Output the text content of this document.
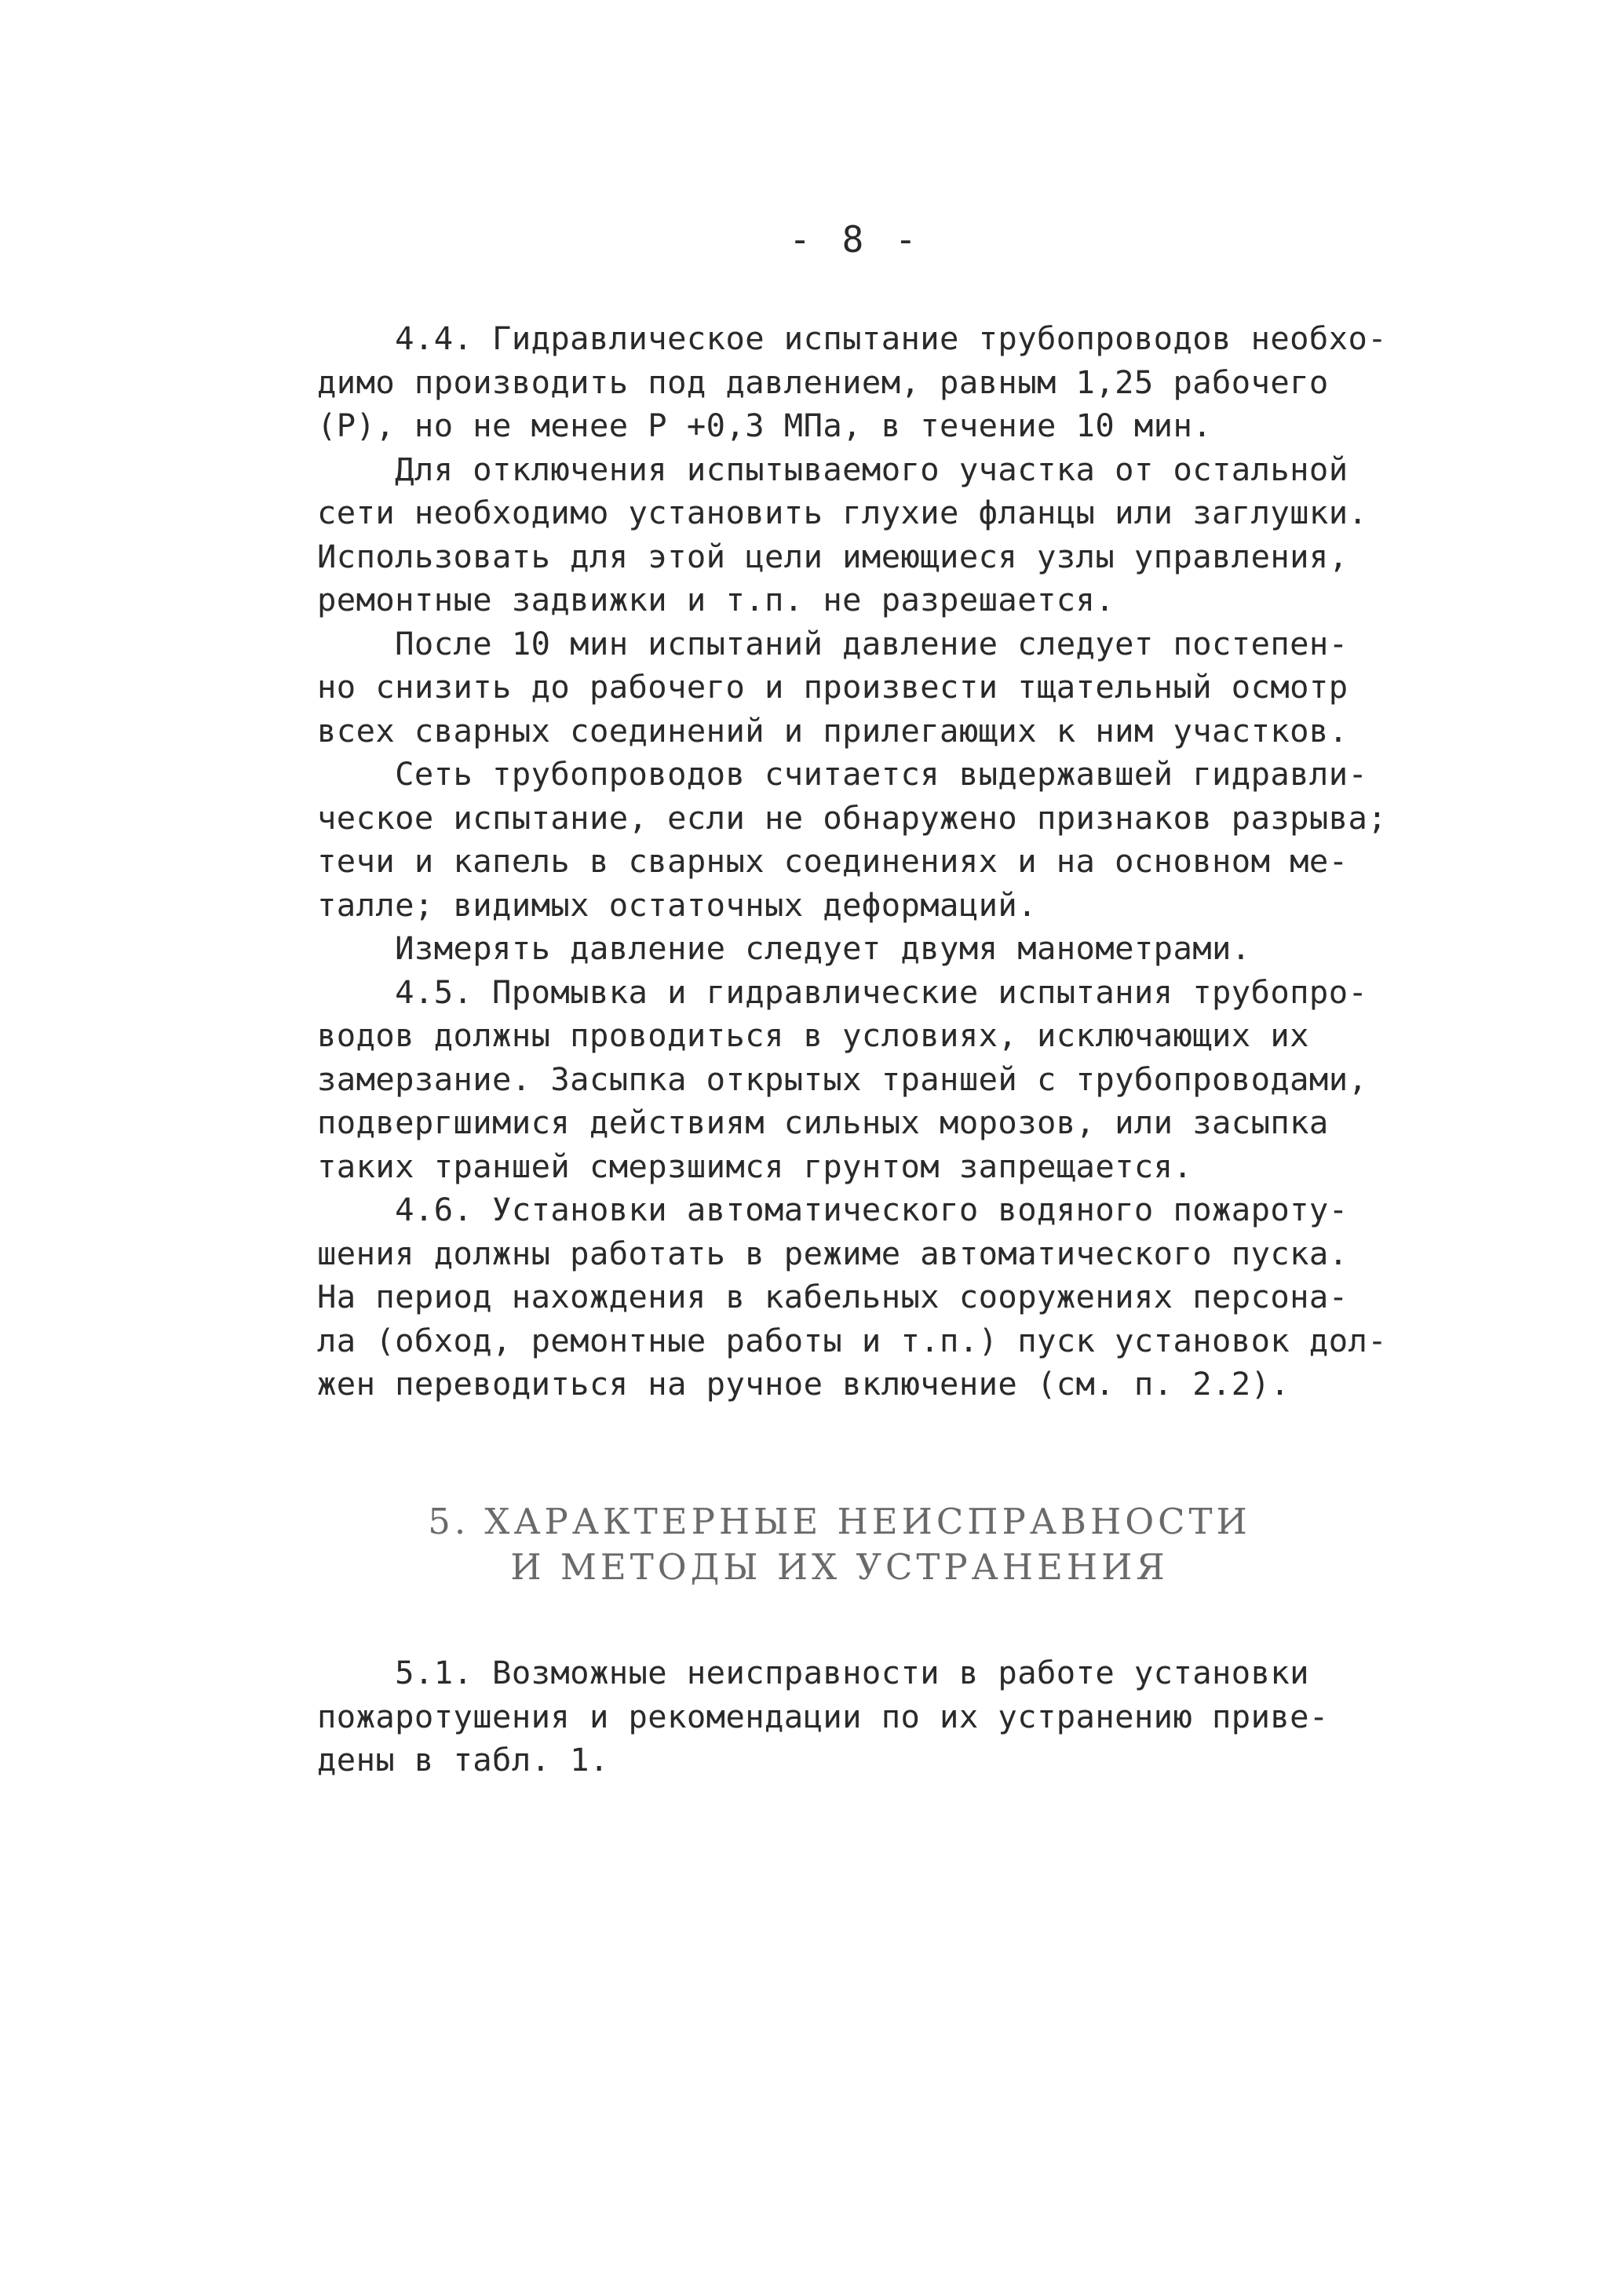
- 8 -
4.4. Гидравлическое испытание трубопроводов необхо-
димо производить под давлением, равным 1,25 рабочего
(P), но не менее P +0,3 МПа, в течение 10 мин.
Для отключения испытываемого участка от остальной
сети необходимо установить глухие фланцы или заглушки.
Использовать для этой цели имеющиеся узлы управления,
ремонтные задвижки и т.п. не разрешается.
После 10 мин испытаний давление следует постепен-
но снизить до рабочего и произвести тщательный осмотр
всех сварных соединений и прилегающих к ним участков.
Сеть трубопроводов считается выдержавшей гидравли-
ческое испытание, если не обнаружено признаков разрыва;
течи и капель в сварных соединениях и на основном ме-
талле; видимых остаточных деформаций.
Измерять давление следует двумя манометрами.
4.5. Промывка и гидравлические испытания трубопро-
водов должны проводиться в условиях, исключающих их
замерзание. Засыпка открытых траншей с трубопроводами,
подвергшимися действиям сильных морозов, или засыпка
таких траншей смерзшимся грунтом запрещается.
4.6. Установки автоматического водяного пожароту-
шения должны работать в режиме автоматического пуска.
На период нахождения в кабельных сооружениях персона-
ла (обход, ремонтные работы и т.п.) пуск установок дол-
жен переводиться на ручное включение (см. п. 2.2).
5. ХАРАКТЕРНЫЕ НЕИСПРАВНОСТИ
И МЕТОДЫ ИХ УСТРАНЕНИЯ
5.1. Возможные неисправности в работе установки
пожаротушения и рекомендации по их устранению приве-
дены в табл. 1.
